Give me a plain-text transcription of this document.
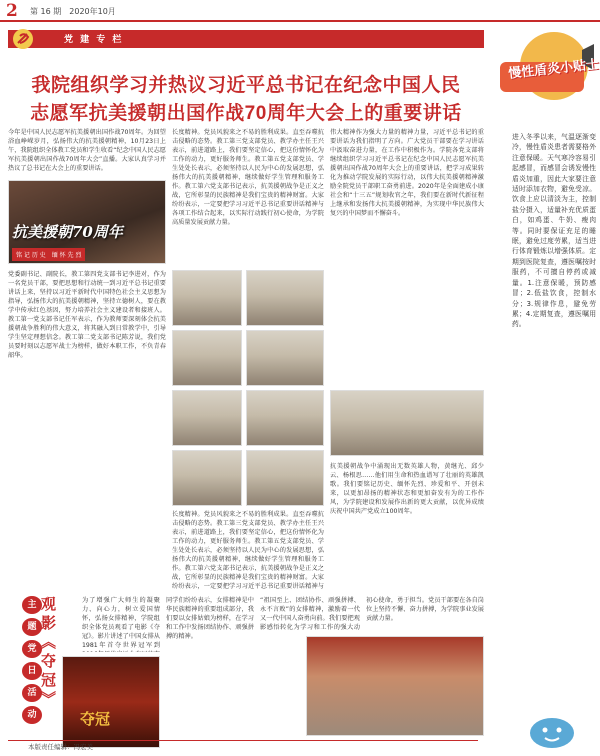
2 第 16 期　2020年10月
党 建 专 栏
我院组织学习并热议习近平总书记在纪念中国人民
志愿军抗美援朝出国作战70周年大会上的重要讲话
今年是中国人民志愿军抗美援朝出国作战70周年。为回望浴血峥嵘岁月，弘扬伟大的抗美援朝精神，10月23日上午，我院组织全体教工党员和学生收看“纪念中国人民志愿军抗美援朝出国作战70周年大会”直播。大家认真学习并热议了总书记在大会上的重要讲话。
抗美援朝70周年
铭 记 历 史　缅 怀 先 烈
党委副书记、副院长，教工第四党支部书记李进对，作为一名党员干部，要把思想和行动统一到习近平总书记重要讲话上来，坚持以习近平新时代中国特色社会主义思想为指导，弘扬伟大的抗美援朝精神，坚持立德树人，要在教学中传承红色基因，努力培养社会主义建设者和接班人。教工第一党支部书记任军表示，作为教师要深刻体会抗美援朝战争胜利的伟大意义，将其融入到日常教学中，引导学生坚定理想信念。教工第二党支部书记陈芳说，我们党员要时刻以志愿军战士为榜样，做好本职工作，不负青春韶华。
长度精神。党员风貌来之不易的胜利成果。直至吞噬抗击侵略的态势。教工第三党支部党员、教学办主任王兴表示，前进道路上，我们要坚定信心，把这份情怀化为工作的动力，更好服务师生。教工第五党支部党员、学生处处长表示，必须坚持以人民为中心的发展思想，弘扬伟大的抗美援朝精神，继续做好学生管理和服务工作。教工第六党支部书记表示，抗美援朝战争是正义之战，它所彰显的民族精神是我们宝贵的精神财富。大家纷纷表示，一定要把学习习近平总书记重要讲话精神与各项工作结合起来，以实际行动践行初心使命，为学院高质量发展贡献力量。
长度精神。党员风貌来之不易的胜利成果。直至吞噬抗击侵略的态势。教工第三党支部党员、教学办主任王兴表示，前进道路上，我们要坚定信心，把这份情怀化为工作的动力，更好服务师生。教工第五党支部党员、学生处处长表示，必须坚持以人民为中心的发展思想，弘扬伟大的抗美援朝精神，继续做好学生管理和服务工作。教工第六党支部书记表示，抗美援朝战争是正义之战，它所彰显的民族精神是我们宝贵的精神财富。大家纷纷表示，一定要把学习习近平总书记重要讲话精神与
伟大精神作为强大力量的精神力量，习近平总书记的重要讲话为我们指明了方向。广大党员干部要在学习讲话中汲取奋进力量，在工作中积极作为。学院各党支部将继续组织学习习近平总书记在纪念中国人民志愿军抗美援朝出国作战70周年大会上的重要讲话，把学习成果转化为推动学院发展的实际行动，以伟大抗美援朝精神激励全院党员干部职工奋勇前进。2020年是全面建成小康社会和“十三五”规划收官之年，我们要在新时代新征程上继承和发扬伟大抗美援朝精神，为实现中华民族伟大复兴的中国梦而不懈奋斗。
抗美援朝战争中涌现出无数英雄人物，黄继光、邱少云、杨根思……他们用生命和热血谱写了壮丽的英雄凯歌。我们要铭记历史、缅怀先烈、珍爱和平、开创未来，以更加昂扬的精神状态和更加奋发有为的工作作风，为学院建设和发展作出新的更大贡献，以优异成绩庆祝中国共产党成立100周年。
慢性盾炎小贴士
进入冬季以来，气温逐渐变冷，慢性盾炎患者需要格外注意保暖。天气寒冷容易引起感冒，而感冒会诱发慢性盾炎加重，因此大家要注意适时添加衣物，避免受凉。饮食上应以清淡为主，控制盐分摄入，适量补充优质蛋白，如鸡蛋、牛奶、瘦肉等。同时要保证充足的睡眠，避免过度劳累，适当进行体育锻炼以增强体质。定期到医院复查，遵医嘱按时服药，不可擅自停药或减量。1.注意保暖，预防感冒；2.低盐饮食，控制水分；3.规律作息，避免劳累；4.定期复查，遵医嘱用药。
主
题
党
日
活
动
观影《夺冠》	为了增强广大师生的凝聚力、向心力，树立爱国情怀，弘扬女排精神，学院组织全体党员观看了电影《夺冠》。影片讲述了中国女排从1981年首夺世界冠军到
夺冠
同学们纷纷表示，女排精神是中华民族精神的重要组成部分，我们要以女排姑娘为榜样，在学习和工作中发扬团结协作、顽强拼搏的精神。
“祖国至上、团结协作、顽强拼搏、永不言败”的女排精神，激励着一代又一代中国人奋勇向前。我们要把观影感悟转化为学习和工作的强大动
初心使命，勇于担当。党员干部要在各自岗位上坚持不懈、奋力拼搏，为学院事业发展贡献力量。
本版责任编辑：冯宏美
